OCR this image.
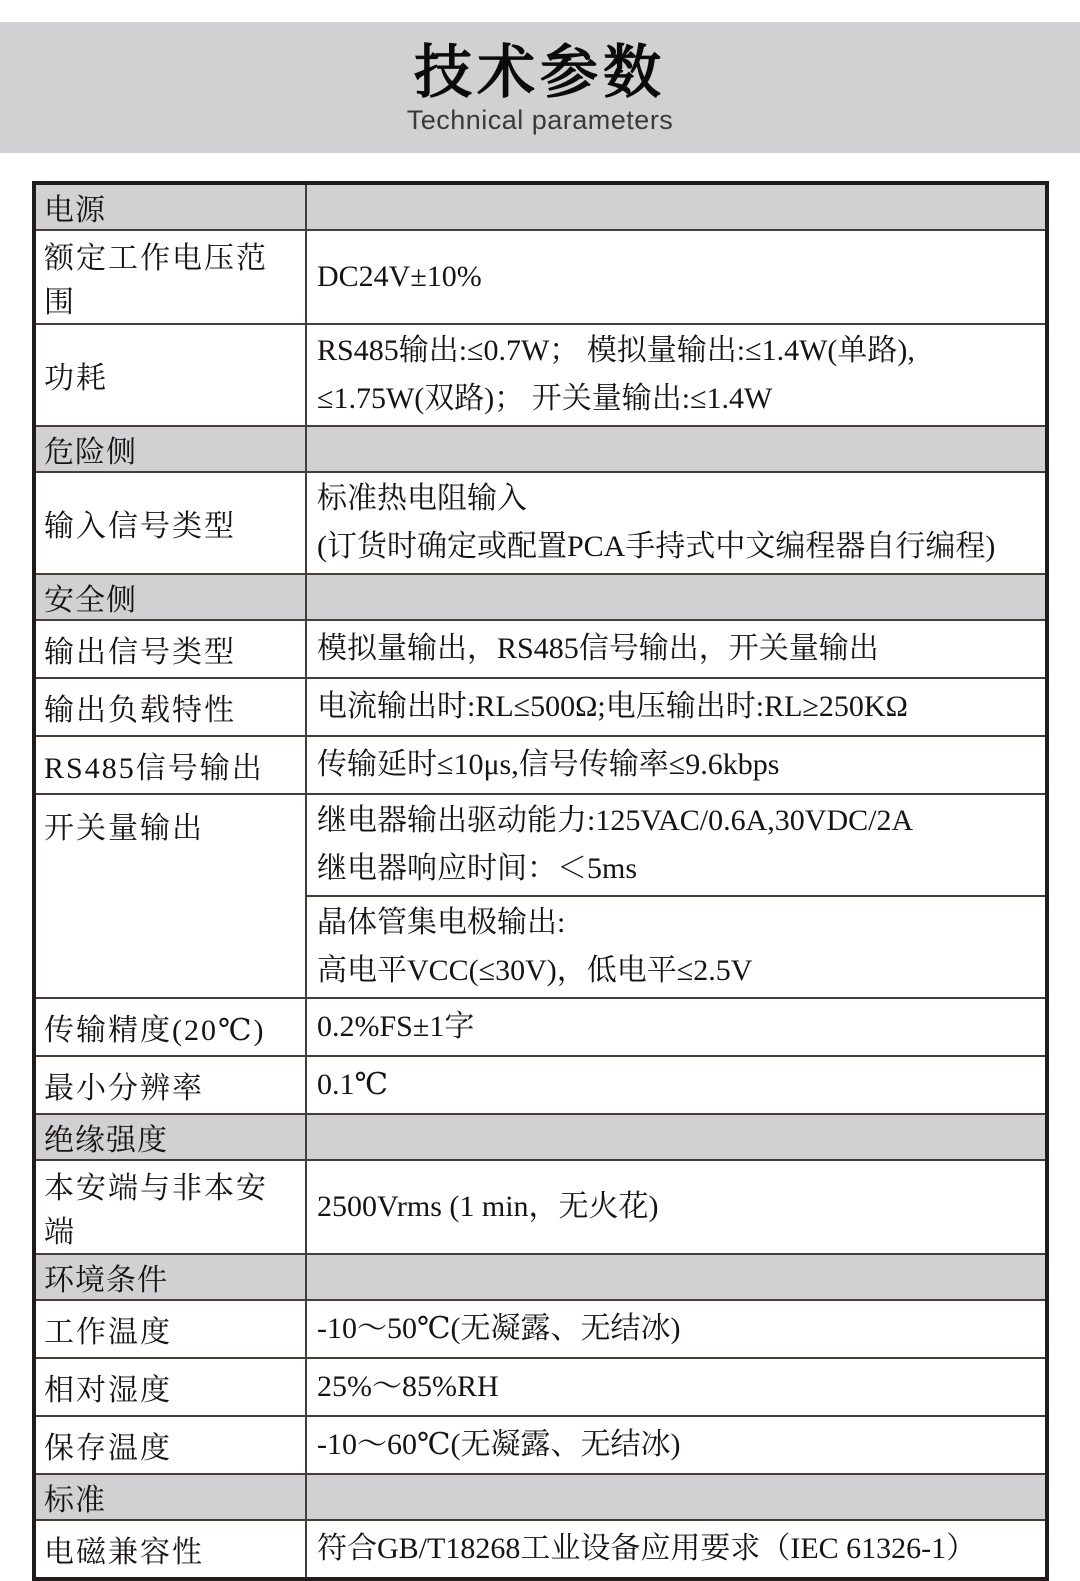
技术参数
Technical parameters
电源	
额定工作电压范围	DC24V±10%

功耗	RS485输出:≤0.7W； 模拟量输出:≤1.4W(单路),
≤1.75W(双路)； 开关量输出:≤1.4W

危险侧	
输入信号类型	标准热电阻输入
(订货时确定或配置PCA手持式中文编程器自行编程)

安全侧	
输出信号类型	模拟量输出，RS485信号输出，开关量输出

输出负载特性	电流输出时:RL≤500Ω;电压输出时:RL≥250KΩ

RS485信号输出	传输延时≤10μs,信号传输率≤9.6kbps

开关量输出	继电器输出驱动能力:125VAC/0.6A,30VDC/2A
继电器响应时间：＜5ms

	晶体管集电极输出:
高电平VCC(≤30V)，低电平≤2.5V

传输精度(20℃)	0.2%FS±1字

最小分辨率	0.1℃

绝缘强度	
本安端与非本安端	2500Vrms (1 min，无火花)

环境条件	
工作温度	-10～50℃(无凝露、无结冰)

相对湿度	25%～85%RH

保存温度	-10～60℃(无凝露、无结冰)

标准	
电磁兼容性	符合GB/T18268工业设备应用要求（IEC 61326-1）
